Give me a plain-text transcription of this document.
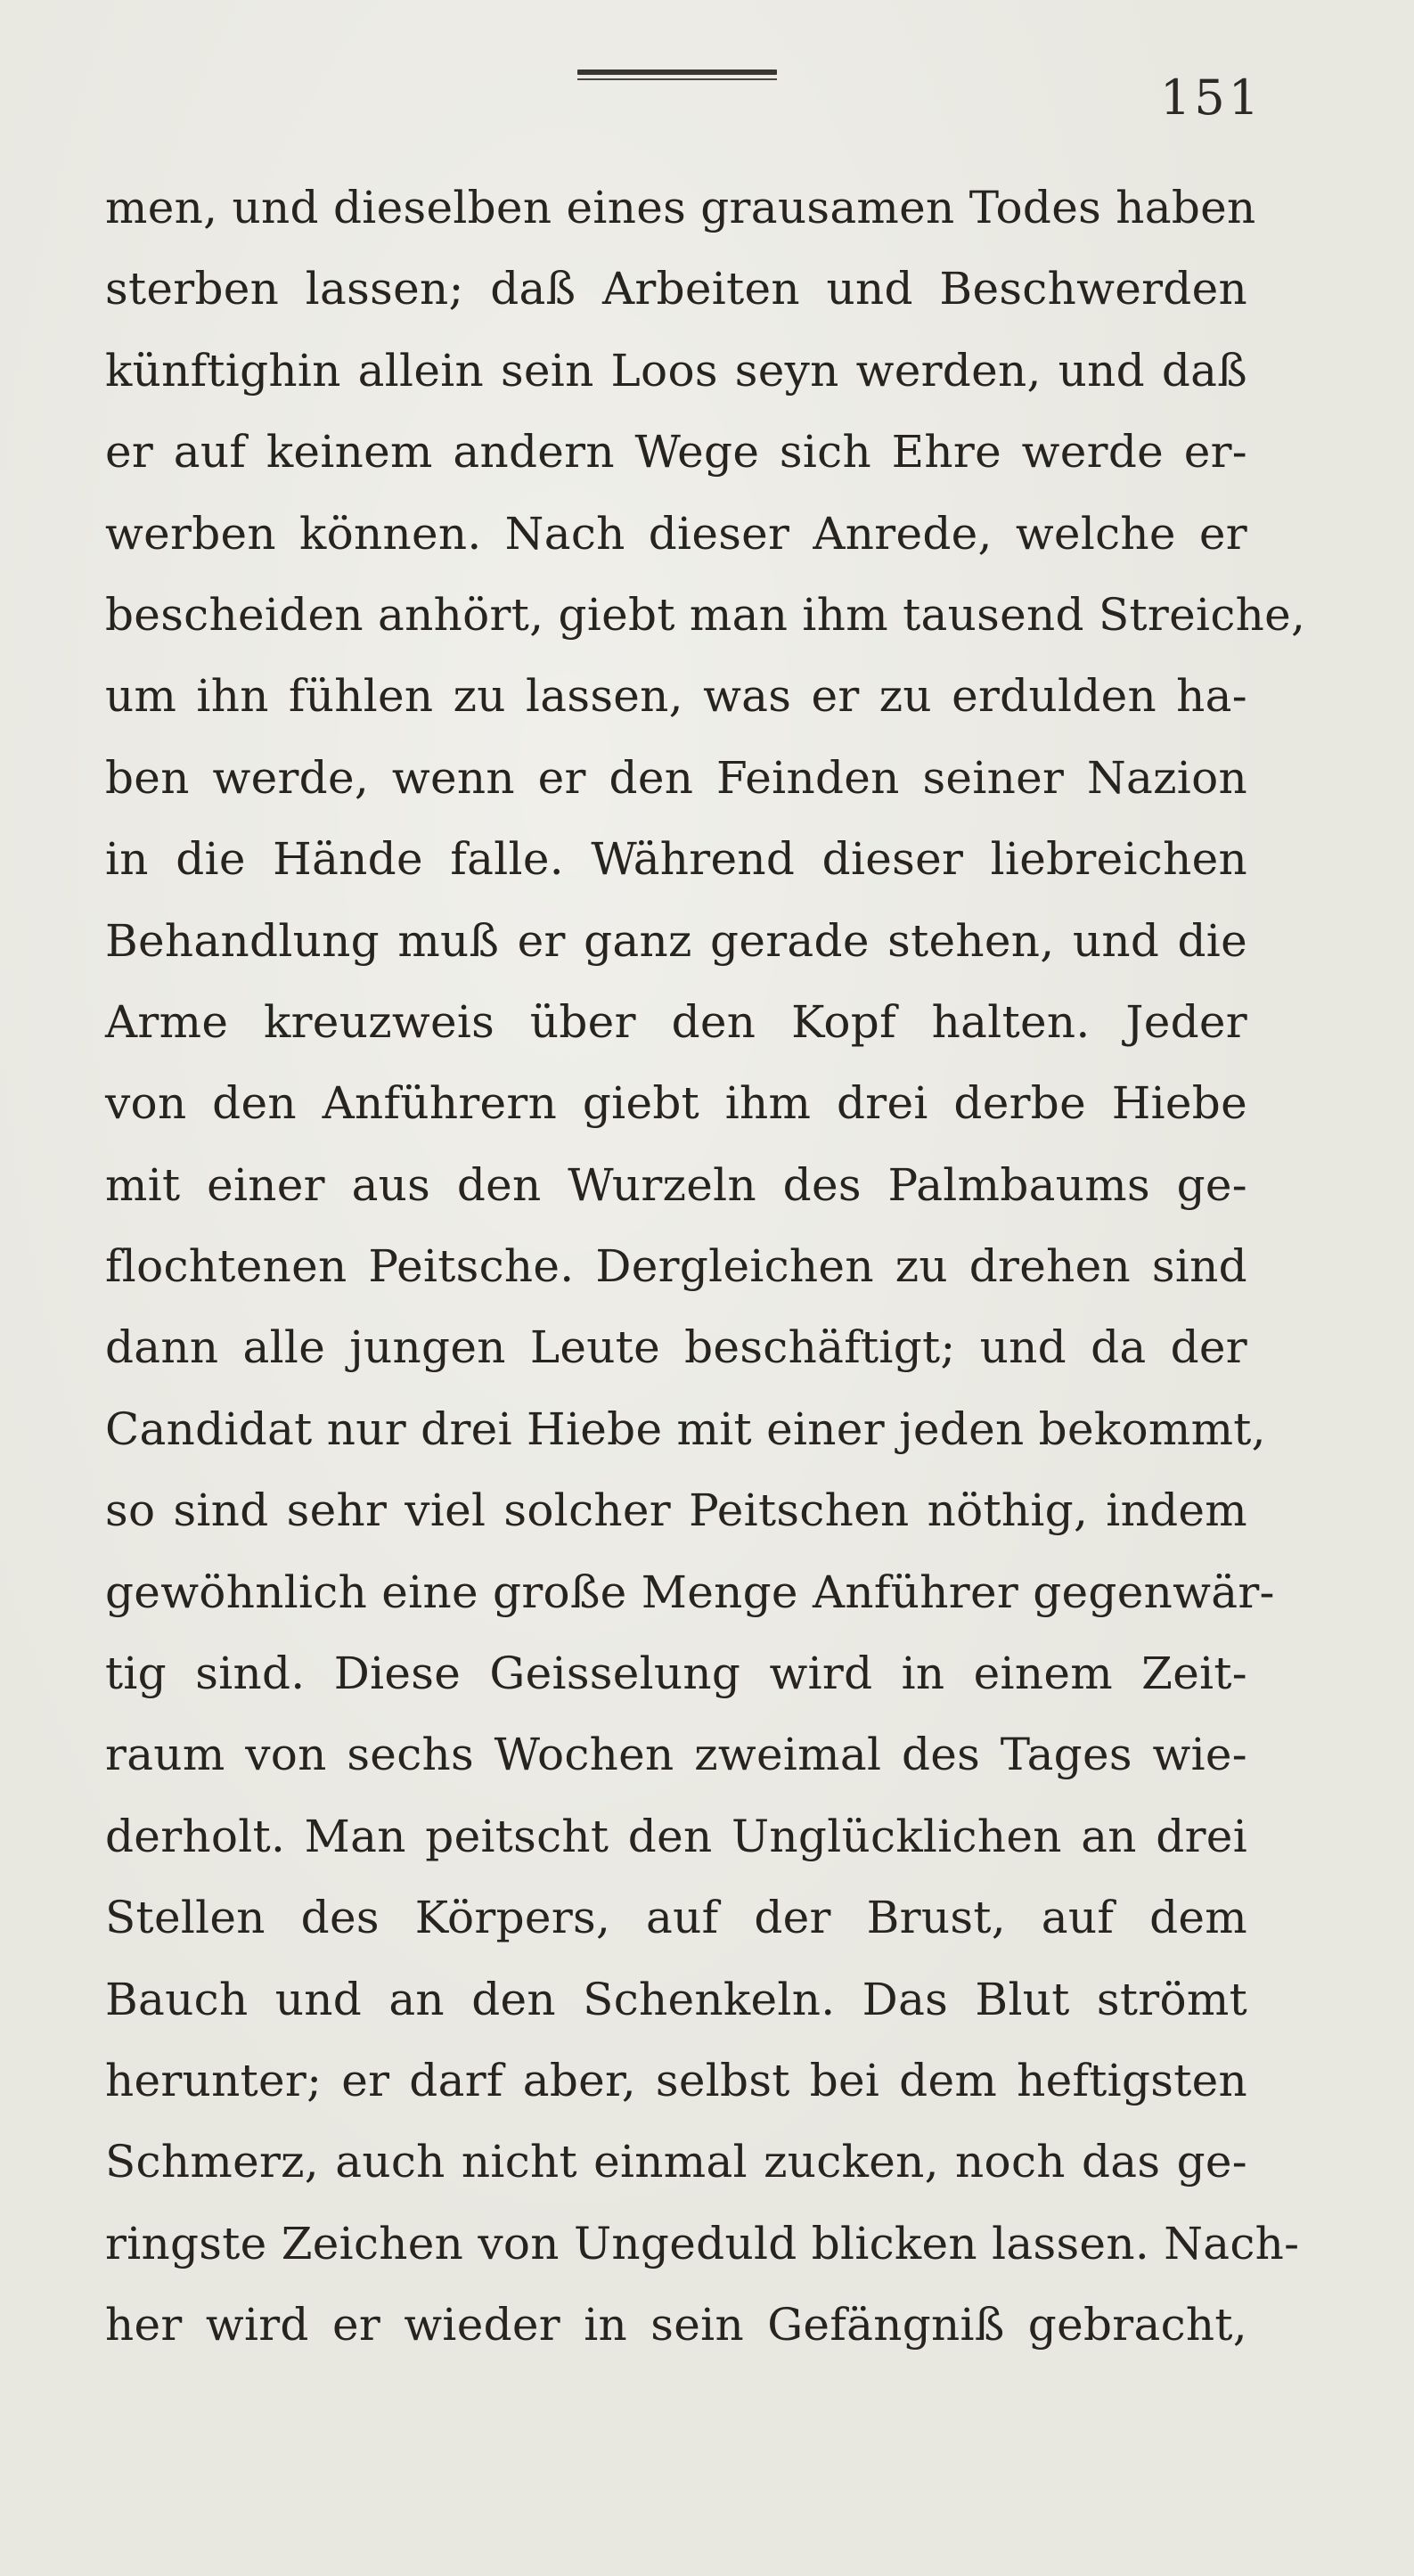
151
men, und dieselben eines grausamen Todes haben
sterben lassen; daß Arbeiten und Beschwerden
künftighin allein sein Loos seyn werden, und daß
er auf keinem andern Wege sich Ehre werde er-
werben können. Nach dieser Anrede, welche er
bescheiden anhört, giebt man ihm tausend Streiche,
um ihn fühlen zu lassen, was er zu erdulden ha-
ben werde, wenn er den Feinden seiner Nazion
in die Hände falle. Während dieser liebreichen
Behandlung muß er ganz gerade stehen, und die
Arme kreuzweis über den Kopf halten. Jeder
von den Anführern giebt ihm drei derbe Hiebe
mit einer aus den Wurzeln des Palmbaums ge-
flochtenen Peitsche. Dergleichen zu drehen sind
dann alle jungen Leute beschäftigt; und da der
Candidat nur drei Hiebe mit einer jeden bekommt,
so sind sehr viel solcher Peitschen nöthig, indem
gewöhnlich eine große Menge Anführer gegenwär-
tig sind. Diese Geisselung wird in einem Zeit-
raum von sechs Wochen zweimal des Tages wie-
derholt. Man peitscht den Unglücklichen an drei
Stellen des Körpers, auf der Brust, auf dem
Bauch und an den Schenkeln. Das Blut strömt
herunter; er darf aber, selbst bei dem heftigsten
Schmerz, auch nicht einmal zucken, noch das ge-
ringste Zeichen von Ungeduld blicken lassen. Nach-
her wird er wieder in sein Gefängniß gebracht,
